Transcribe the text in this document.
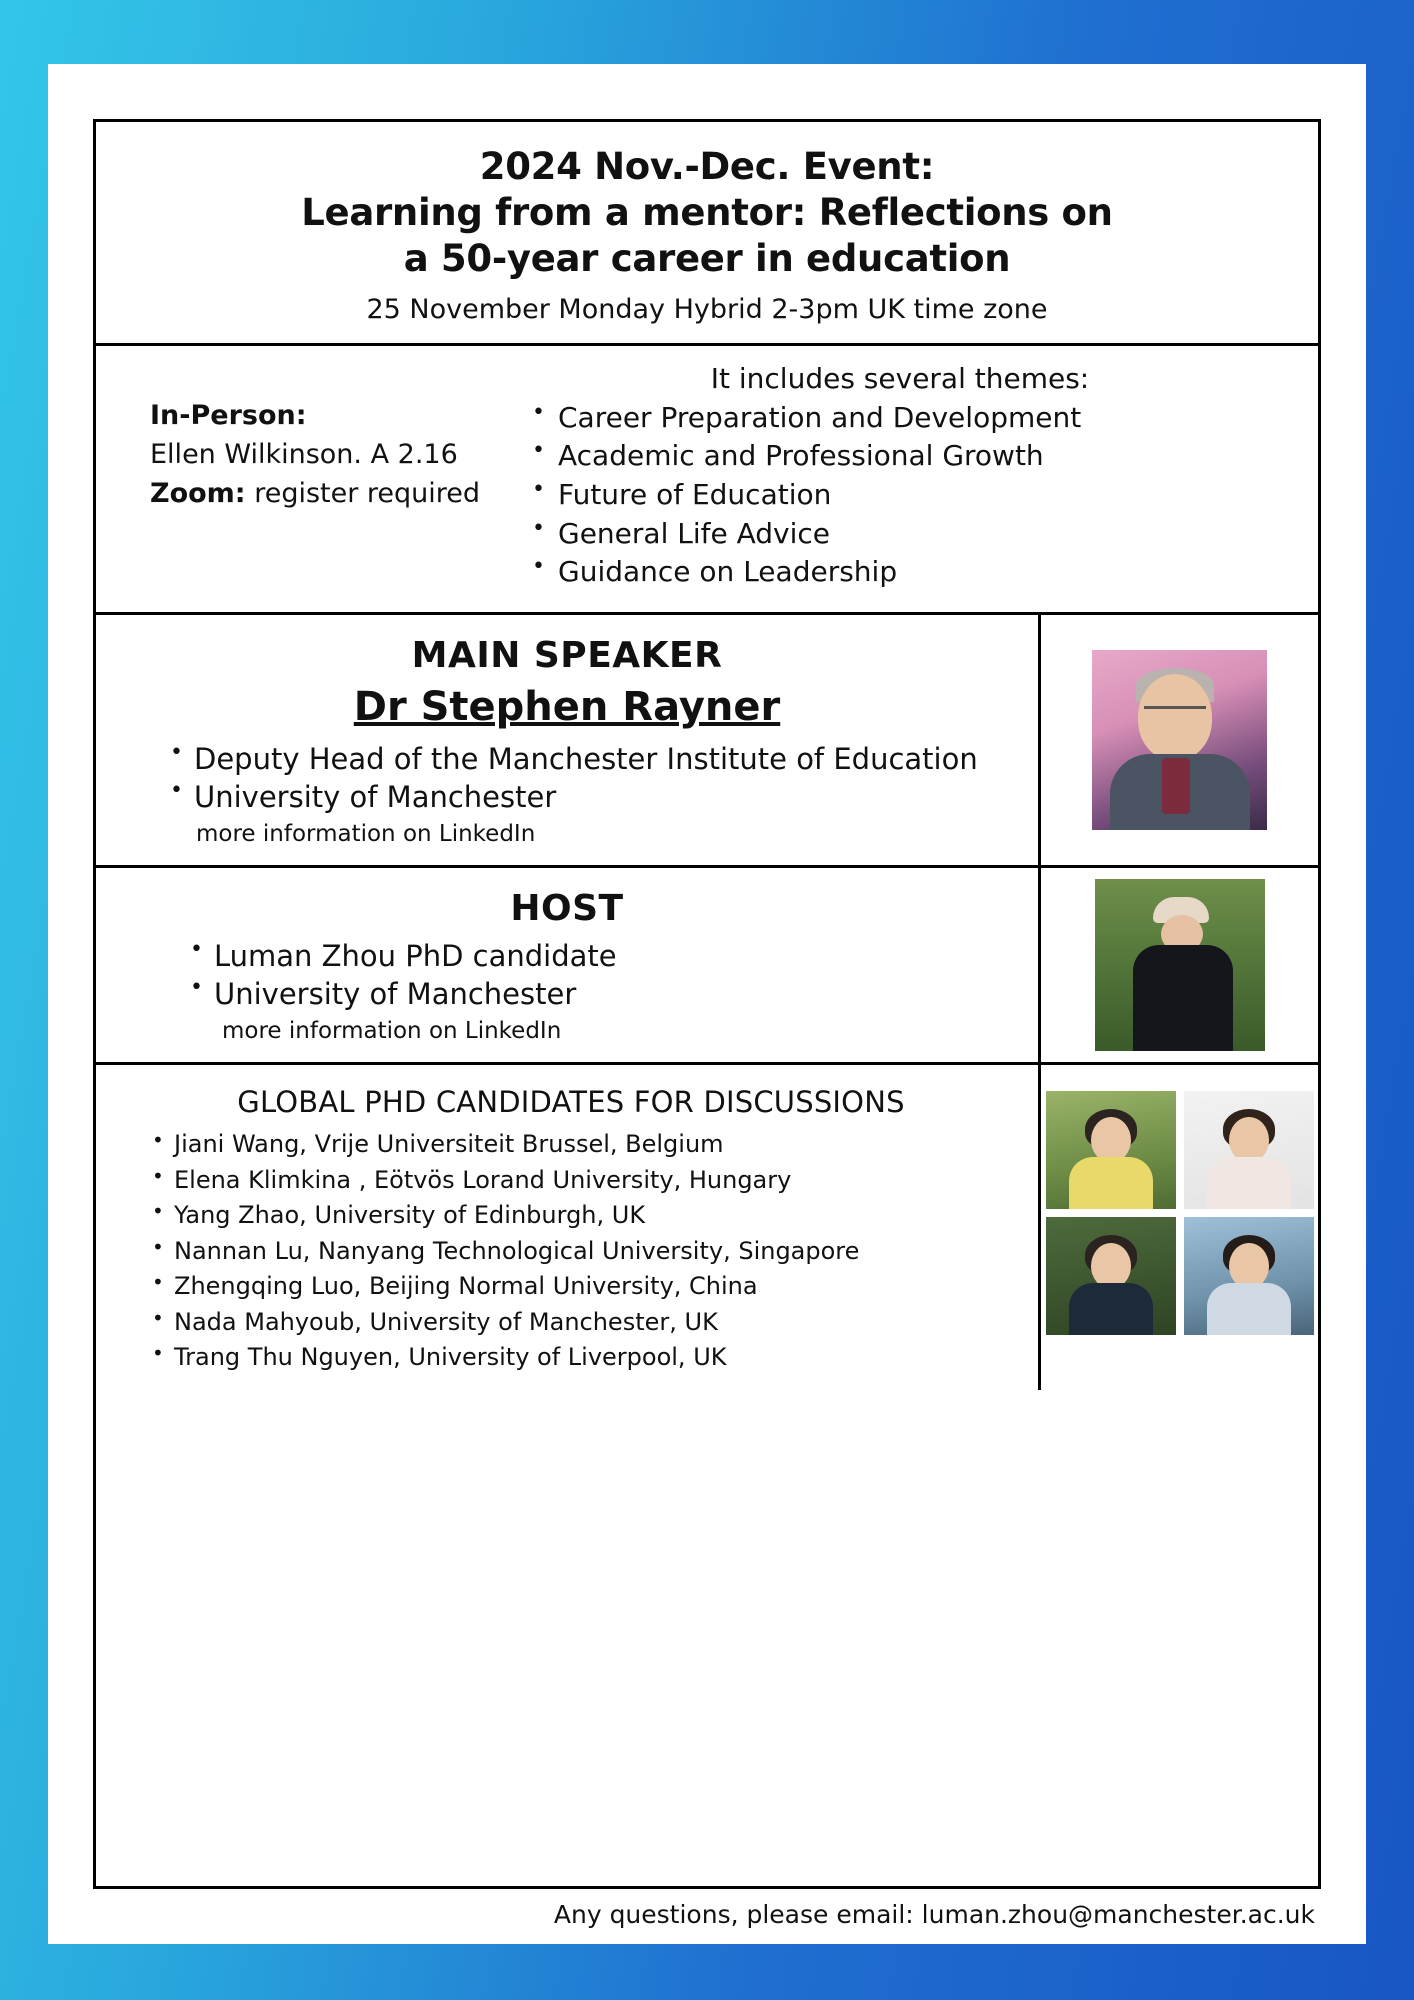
2024 Nov.-Dec. Event:
Learning from a mentor: Reflections on
a 50-year career in education
25 November Monday Hybrid 2-3pm UK time zone
In-Person:
Ellen Wilkinson. A 2.16
Zoom: register required
It includes several themes:
• Career Preparation and Development
• Academic and Professional Growth
• Future of Education
• General Life Advice
• Guidance on Leadership
MAIN SPEAKER
Dr Stephen Rayner
• Deputy Head of the Manchester Institute of Education
• University of Manchester
more information on LinkedIn
HOST
• Luman Zhou PhD candidate
• University of Manchester
more information on LinkedIn
GLOBAL PHD CANDIDATES FOR DISCUSSIONS
• Jiani Wang, Vrije Universiteit Brussel, Belgium
• Elena Klimkina , Eötvös Lorand University, Hungary
• Yang Zhao, University of Edinburgh, UK
• Nannan Lu, Nanyang Technological University, Singapore
• Zhengqing Luo, Beijing Normal University, China
• Nada Mahyoub, University of Manchester, UK
• Trang Thu Nguyen, University of Liverpool, UK
Any questions, please email: luman.zhou@manchester.ac.uk
